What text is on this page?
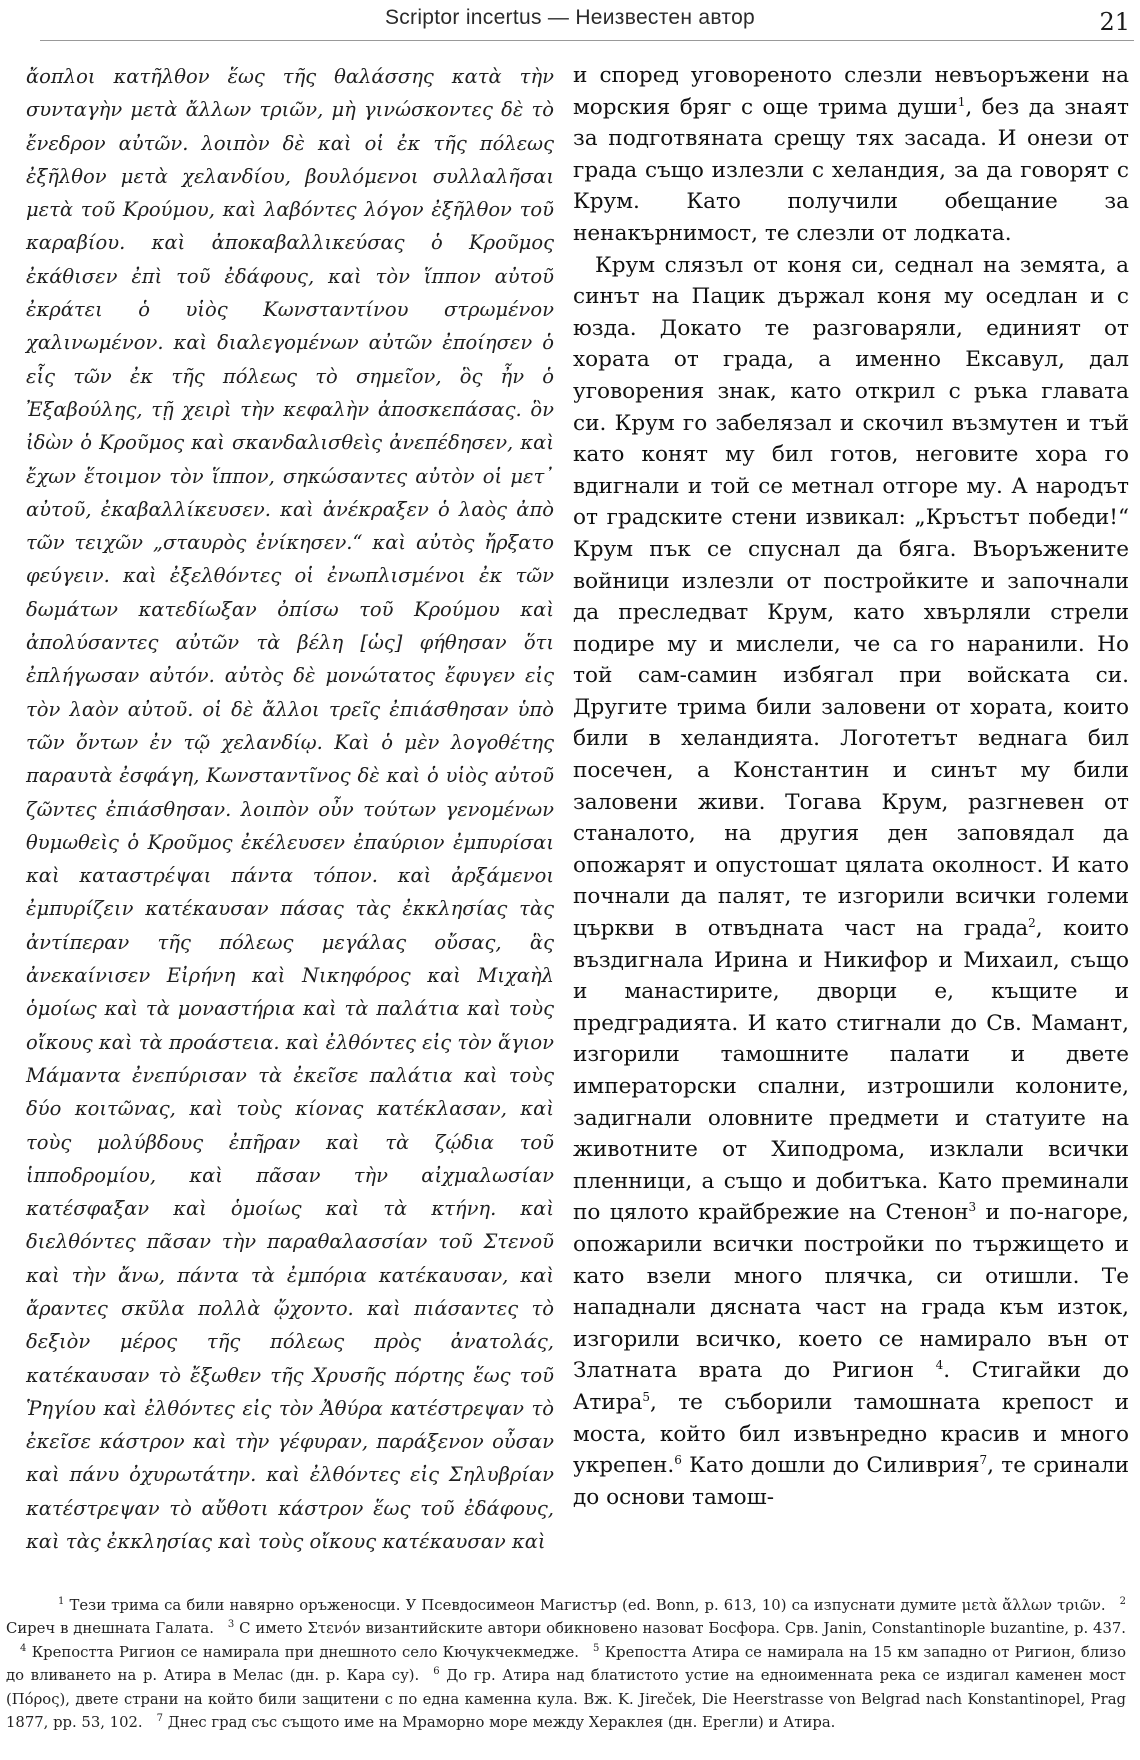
Scriptor incertus — Неизвестен автор	21

ἄοπλοι κατῆλθον ἕως τῆς θαλάσσης κατὰ τὴν συνταγὴν μετὰ ἄλλων τριῶν, μὴ γινώσκοντες δὲ τὸ ἔνεδρον αὐτῶν. λοιπὸν δὲ καὶ οἱ ἐκ τῆς πόλεως ἐξῆλθον μετὰ χελανδίου, βουλόμενοι συλλαλῆσαι μετὰ τοῦ Κρούμου, καὶ λαβόντες λόγον ἐξῆλθον τοῦ καραβίου. καὶ ἀποκαβαλλικεύσας ὁ Κροῦμος ἐκάθισεν ἐπὶ τοῦ ἐδάφους, καὶ τὸν ἵππον αὐτοῦ ἐκράτει ὁ υἱὸς Κωνσταντίνου στρωμένον χαλινωμένον. καὶ διαλεγομένων αὐτῶν ἐποίησεν ὁ εἷς τῶν ἐκ τῆς πόλεως τὸ σημεῖον, ὃς ἦν ὁ Ἐξαβούλης, τῇ χειρὶ τὴν κεφαλὴν ἀποσκεπάσας. ὃν ἰδὼν ὁ Κροῦμος καὶ σκανδαλισθεὶς ἀνεπέδησεν, καὶ ἔχων ἕτοιμον τὸν ἵππον, σηκώσαντες αὐτὸν οἱ μετ᾿ αὐτοῦ, ἐκαβαλλίκευσεν. καὶ ἀνέκραξεν ὁ λαὸς ἀπὸ τῶν τειχῶν „σταυρὸς ἐνίκησεν.“ καὶ αὐτὸς ἤρξατο φεύγειν. καὶ ἐξελθόντες οἱ ἐνωπλισμένοι ἐκ τῶν δωμάτων κατεδίωξαν ὀπίσω τοῦ Κρούμου καὶ ἀπολύσαντες αὐτῶν τὰ βέλη [ὡς] φήθησαν ὅτι ἐπλήγωσαν αὐτόν. αὐτὸς δὲ μονώτατος ἔφυγεν εἰς τὸν λαὸν αὐτοῦ. οἱ δὲ ἄλλοι τρεῖς ἐπιάσθησαν ὑπὸ τῶν ὄντων ἐν τῷ χελανδίῳ. Καὶ ὁ μὲν λογοθέτης παραυτὰ ἐσφάγη, Κωνσταντῖνος δὲ καὶ ὁ υἱὸς αὐτοῦ ζῶντες ἐπιάσθησαν. λοιπὸν οὖν τούτων γενομένων θυμωθεὶς ὁ Κροῦμος ἐκέλευσεν ἐπαύριον ἐμπυρίσαι καὶ καταστρέψαι πάντα τόπον. καὶ ἀρξάμενοι ἐμπυρίζειν κατέκαυσαν πάσας τὰς ἐκκλησίας τὰς ἀντίπεραν τῆς πόλεως μεγάλας οὔσας, ἃς ἀνεκαίνισεν Εἰρήνη καὶ Νικηφόρος καὶ Μιχαὴλ ὁμοίως καὶ τὰ μοναστήρια καὶ τὰ παλάτια καὶ τοὺς οἴκους καὶ τὰ προάστεια. καὶ ἐλθόντες εἰς τὸν ἅγιον Μάμαντα ἐνεπύρισαν τὰ ἐκεῖσε παλάτια καὶ τοὺς δύο κοιτῶνας, καὶ τοὺς κίονας κατέκλασαν, καὶ τοὺς μολύβδους ἐπῆραν καὶ τὰ ζῴδια τοῦ ἱπποδρομίου, καὶ πᾶσαν τὴν αἰχμαλωσίαν κατέσφαξαν καὶ ὁμοίως καὶ τὰ κτήνη. καὶ διελθόντες πᾶσαν τὴν παραθαλασσίαν τοῦ Στενοῦ καὶ τὴν ἄνω, πάντα τὰ ἐμπόρια κατέκαυσαν, καὶ ἄραντες σκῦλα πολλὰ ᾤχοντο. καὶ πιάσαντες τὸ δεξιὸν μέρος τῆς πόλεως πρὸς ἀνατολάς, κατέκαυσαν τὸ ἔξωθεν τῆς Χρυσῆς πόρτης ἕως τοῦ Ῥηγίου καὶ ἐλθόντες εἰς τὸν Ἀθύρα κατέστρεψαν τὸ ἐκεῖσε κάστρον καὶ τὴν γέφυραν, παράξενον οὖσαν καὶ πάνυ ὀχυρωτάτην. καὶ ἐλθόντες εἰς Σηλυβρίαν κατέστρεψαν τὸ αὔθοτι κάστρον ἕως τοῦ ἐδάφους, καὶ τὰς ἐκκλησίας καὶ τοὺς οἴκους κατέκαυσαν καὶ

и според уговореното слезли невъоръжени на морския бряг с още трима души$^1$, без да знаят за подготвяната срещу тях засада. И онези от града също излезли с хеландия, за да говорят с Крум. Като получили обещание за ненакърнимост, те слезли от лодката.

Крум слязъл от коня си, седнал на земята, а синът на Пацик държал коня му оседлан и с юзда. Докато те разговаряли, единият от хората от града, а именно Ексавул, дал уговорения знак, като открил с ръка главата си. Крум го забелязал и скочил възмутен и тъй като конят му бил готов, неговите хора го вдигнали и той се метнал отгоре му. А народът от градските стени извикал: „Кръстът победи!“ Крум пък се спуснал да бяга. Въоръжените войници излезли от постройките и започнали да преследват Крум, като хвърляли стрели подире му и мислели, че са го наранили. Но той сам-самин избягал при войската си. Другите трима били заловени от хората, които били в хеландията. Логотетът веднага бил посечен, а Константин и синът му били заловени живи. Тогава Крум, разгневен от станалото, на другия ден заповядал да опожарят и опустошат цялата околност. И като почнали да палят, те изгорили всички големи църкви в отвъдната част на града$^2$, които въздигнала Ирина и Никифор и Михаил, също и манастирите, дворци е, къщите и предградията. И като стигнали до Св. Мамант, изгорили тамошните палати и двете императорски спални, изтрошили колоните, задигнали оловните предмети и статуите на животните от Хиподрома, изклали всички пленници, а също и добитъка. Като преминали по цялото крайбрежие на Стенон$^3$ и по-нагоре, опожарили всички постройки по тържището и като взели много плячка, си отишли. Те нападнали дясната част на града към изток, изгорили всичко, което се намирало вън от Златната врата до Ригион $^4$. Стигайки до Атира$^5$, те съборили тамошната крепост и моста, който бил извънредно красив и много укрепен.$^6$ Като дошли до Силиврия$^7$, те сринали до основи тамош-

$^1$ Тези трима са били навярно оръженосци. У Псевдосимеон Магистър (ed. Bonn, p. 613, 10) са изпуснати думите μετὰ ἄλλων τριῶν. $^2$ Сиреч в днешната Галата. $^3$ С името Στενόν византийските автори обикновено назоват Босфора. Срв. Janin, Constantinople buzantine, p. 437.$^4$ Крепостта Ригион се намирала при днешното село Кючукчекмедже. $^5$ Крепостта Атира се намирала на 15 км западно от Ригион, близо до вливането на р. Атира в Мелас (дн. р. Кара су). $^6$ До гр. Атира над блатистото устие на едноименната река се издигал каменен мост (Πόρος), двете страни на който били защитени с по една каменна кула. Вж. K. Jireček, Die Heerstrasse von Belgrad nach Konstantinopel, Prag 1877, pp. 53, 102. $^7$ Днес град със същото име на Мраморно море между Хераклея (дн. Ерегли) и Атира.
